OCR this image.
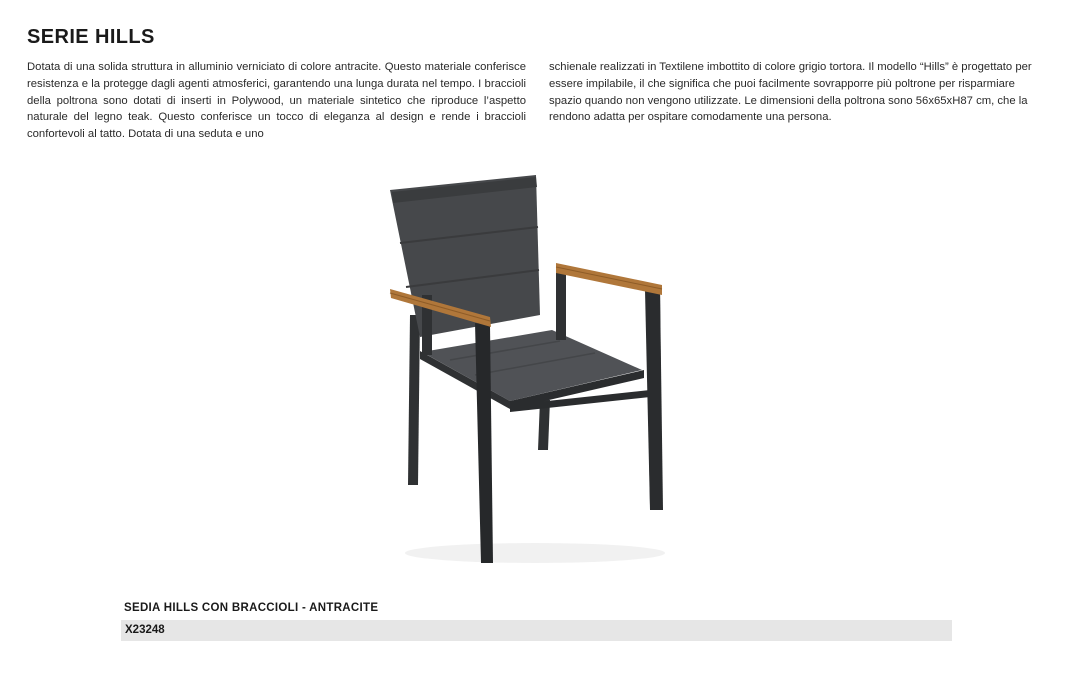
SERIE HILLS

Dotata di una solida struttura in alluminio verniciato di colore antracite. Questo materiale conferisce resistenza e la protegge dagli agenti atmosferici, garantendo una lunga durata nel tempo. I braccioli della poltrona sono dotati di inserti in Polywood, un materiale sintetico che riproduce l’aspetto naturale del legno teak. Questo conferisce un tocco di eleganza al design e rende i braccioli confortevoli al tatto. Dotata di una seduta e uno

schienale realizzati in Textilene imbottito di colore grigio tortora. Il modello “Hills” è progettato per essere impilabile, il che significa che puoi facilmente sovrapporre più poltrone per risparmiare spazio quando non vengono utilizzate. Le dimensioni della poltrona sono 56x65xH87 cm, che la rendono adatta per ospitare comodamente una persona.

SEDIA HILLS CON BRACCIOLI - ANTRACITE
X23248
